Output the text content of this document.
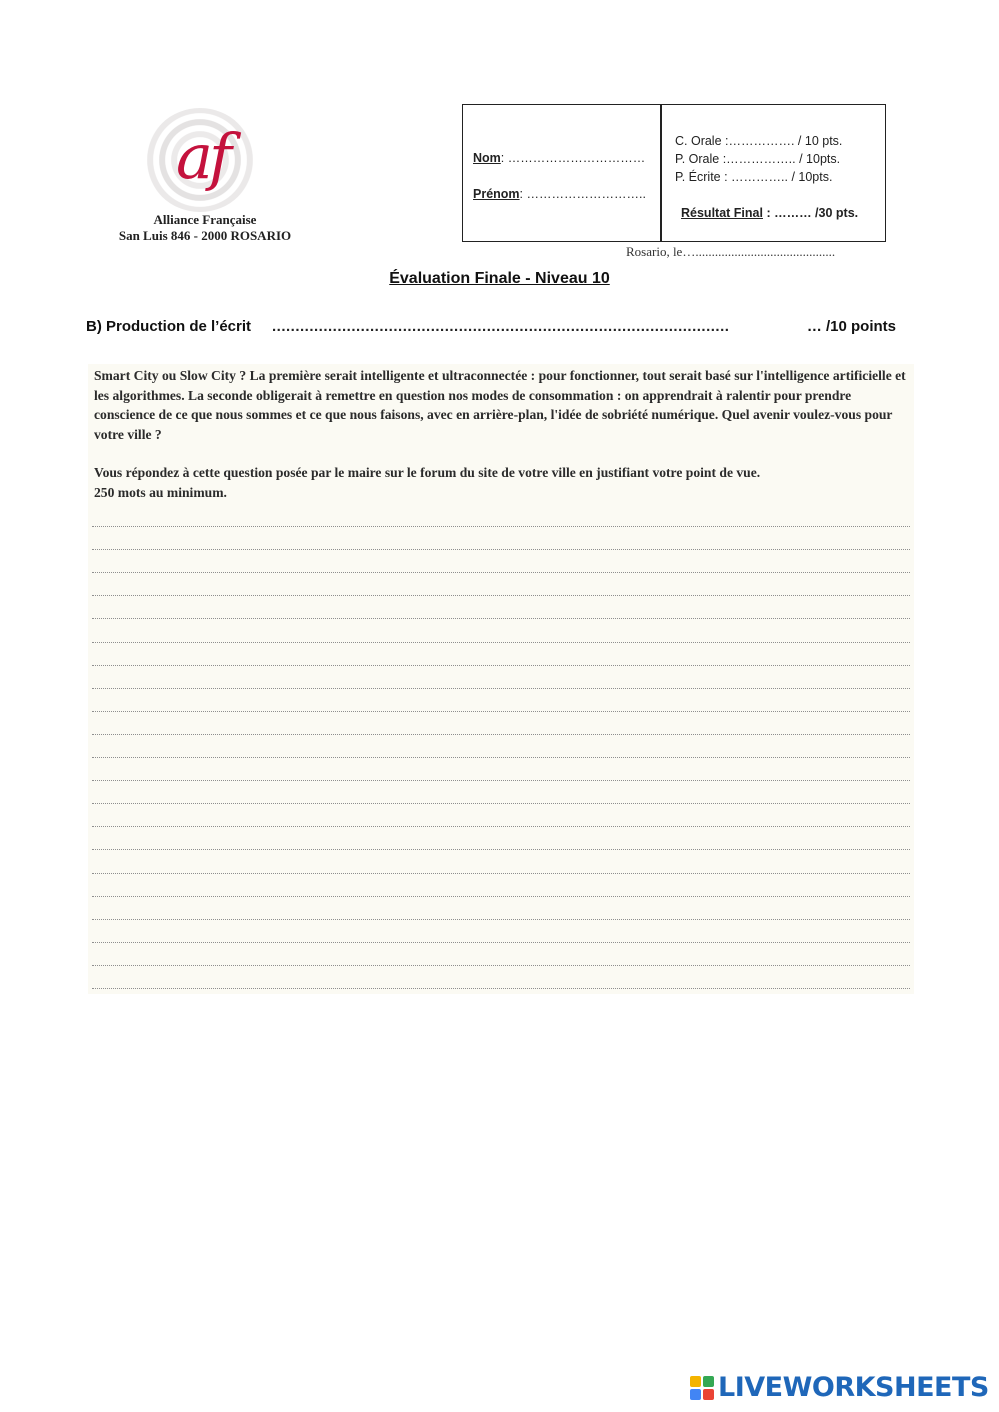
af
Alliance Française
San Luis 846 - 2000 ROSARIO
Nom: ……………………………
Prénom: ………………………..
C. Orale :……………. / 10 pts.
P. Orale :…………….. / 10pts.
P. Écrite : ………….. / 10pts.
Résultat Final : ……… /30 pts.
Rosario, le…...........................................
Évaluation Finale - Niveau 10
B) Production de l’écrit ..................................................................................................	… /10 points

Smart City ou Slow City ? La première serait intelligente et ultraconnectée : pour fonctionner, tout serait basé sur l'intelligence artificielle et les algorithmes. La seconde obligerait à remettre en question nos modes de consommation : on apprendrait à ralentir pour prendre conscience de ce que nous sommes et ce que nous faisons, avec en arrière-plan, l'idée de sobriété numérique. Quel avenir voulez-vous pour votre ville ?

Vous répondez à cette question posée par le maire sur le forum du site de votre ville en justifiant votre point de vue.

250 mots au minimum.

LIVEWORKSHEETS
